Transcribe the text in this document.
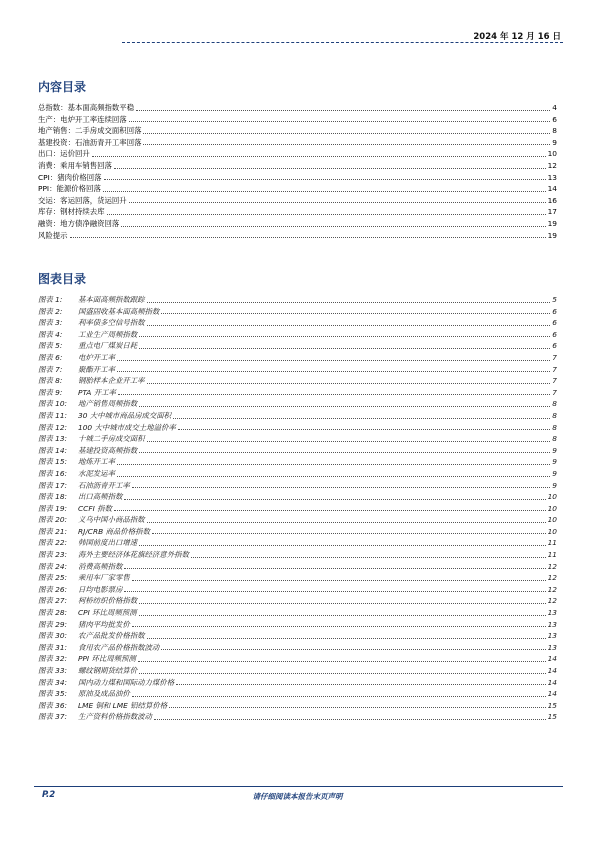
2024 年 12 月 16 日
内容目录
总指数：基本面高频指数平稳	4
生产：电炉开工率连续回落	6
地产销售：二手房成交面积回落	8
基建投资：石油沥青开工率回落	9
出口：运价回升	10
消费：乘用车销售回落	12
CPI：猪肉价格回落	13
PPI：能源价格回落	14
交运：客运回落，货运回升	16
库存：钢材持续去库	17
融资：地方债净融资回落	19
风险提示	19
图表目录
图表 1: 基本面高频指数跟踪	5
图表 2: 国盛固收基本面高频指数	6
图表 3: 利率债多空信号指数	6
图表 4: 工业生产周频指数	6
图表 5: 重点电厂煤炭日耗	6
图表 6: 电炉开工率	7
图表 7: 聚酯开工率	7
图表 8: 钢胎样本企业开工率	7
图表 9: PTA 开工率	7
图表 10: 地产销售周频指数	8
图表 11: 30 大中城市商品房成交面积	8
图表 12: 100 大中城市成交土地溢价率	8
图表 13: 十城二手房成交面积	8
图表 14: 基建投资高频指数	9
图表 15: 地炼开工率	9
图表 16: 水泥发运率	9
图表 17: 石油沥青开工率	9
图表 18: 出口高频指数	10
图表 19: CCFI 指数	10
图表 20: 义乌中国小商品指数	10
图表 21: RJ/CRB 商品价格指数	10
图表 22: 韩国前度出口增速	11
图表 23: 海外主要经济体花旗经济意外指数	11
图表 24: 消费高频指数	12
图表 25: 乘用车厂家零售	12
图表 26: 日均电影票房	12
图表 27: 柯桥纺织价格指数	12
图表 28: CPI 环比周频预测	13
图表 29: 猪肉平均批发价	13
图表 30: 农产品批发价格指数	13
图表 31: 食用农产品价格指数波动	13
图表 32: PPI 环比周频预测	14
图表 33: 螺纹钢期货结算价	14
图表 34: 国内动力煤和国际动力煤价格	14
图表 35: 原油及成品油价	14
图表 36: LME 铜和 LME 铝结算价格	15
图表 37: 生产资料价格指数波动	15
P.2	请仔细阅读本报告末页声明
